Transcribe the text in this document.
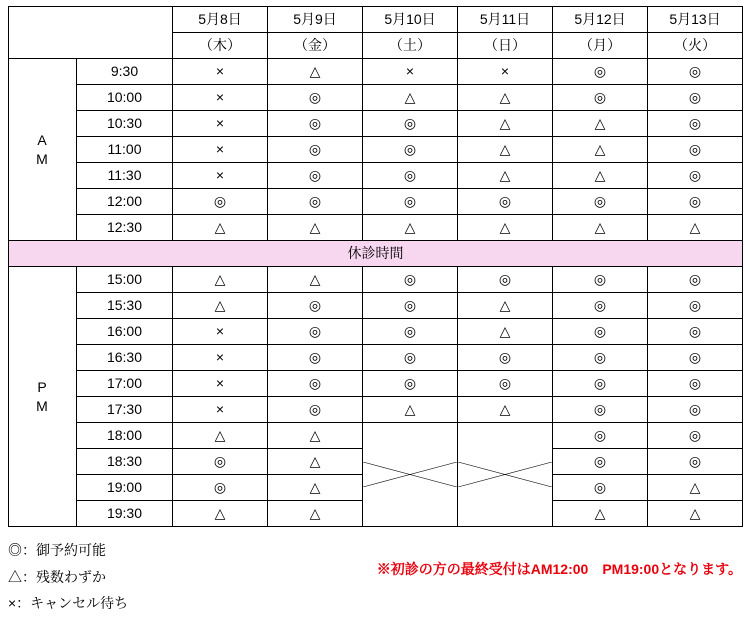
		5月8日	5月9日	5月10日	5月11日	5月12日	5月13日
		（木）	（金）	（土）	（日）	（月）	（火）

A
M	9:30	×	△	×	×	◎	◎
	10:00	×	◎	△	△	◎	◎
	10:30	×	◎	◎	△	△	◎
	11:00	×	◎	◎	△	△	◎
	11:30	×	◎	◎	△	△	◎
	12:00	◎	◎	◎	◎	◎	◎
	12:30	△	△	△	△	△	△
休診時間							

P
M	15:00	△	△	◎	◎	◎	◎
	15:30	△	◎	◎	△	◎	◎
	16:00	×	◎	◎	△	◎	◎
	16:30	×	◎	◎	◎	◎	◎
	17:00	×	◎	◎	◎	◎	◎
	17:30	×	◎	△	△	◎	◎
	18:00	△	△			◎	◎
	18:30	◎	△			◎	◎
	19:00	◎	△			◎	△
	19:30	△	△			△	△
◎：御予約可能
△：残数わずか
×：キャンセル待ち
※初診の方の最終受付はAM12:00　PM19:00となります。
